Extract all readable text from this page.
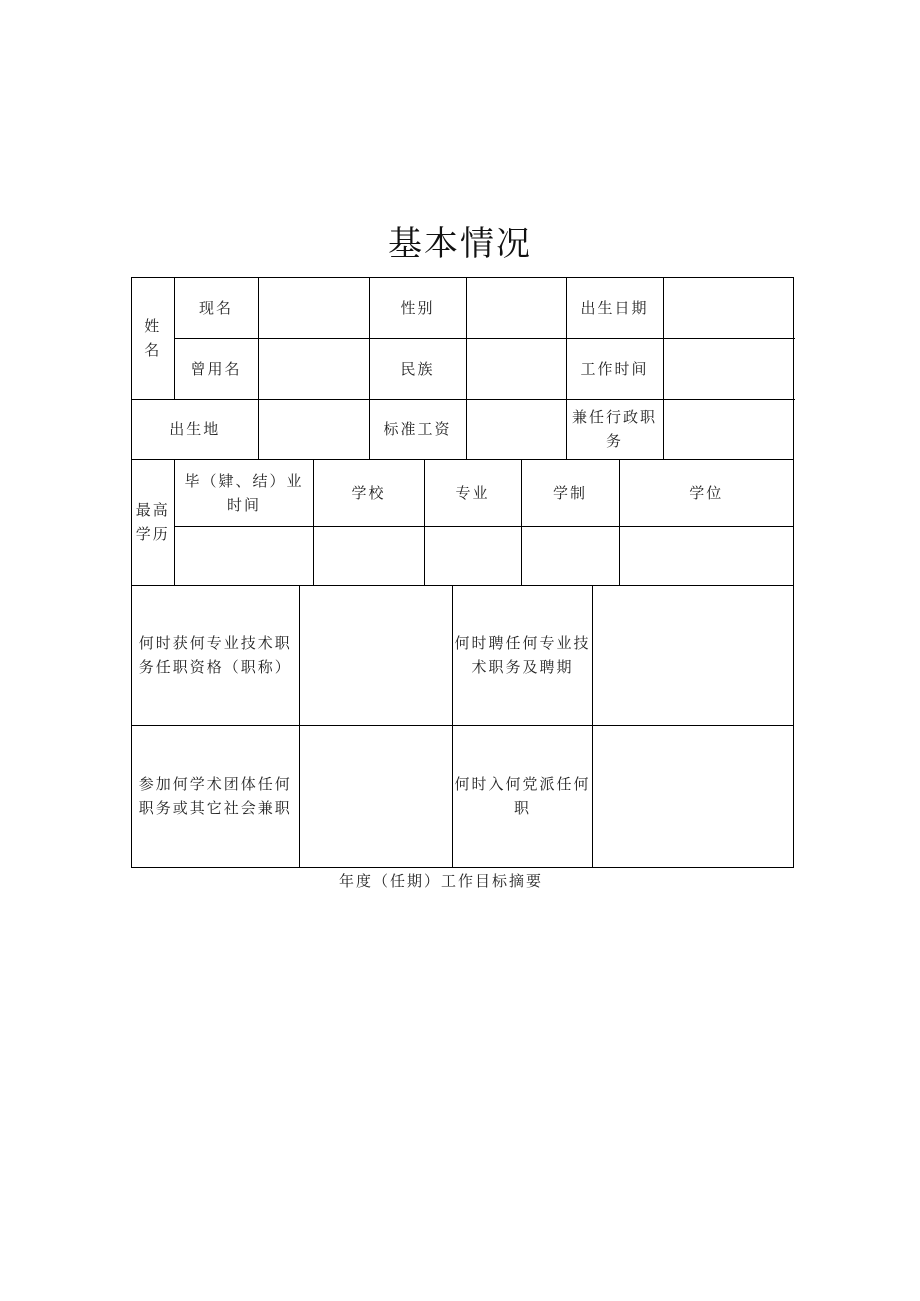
基本情况
姓名	现名		性别		出生日期	
	曾用名		民族		工作时间	
出生地			标准工资		兼任行政职务	

最高学历	毕（肄、结）业时间	学校	专业	学制	学位

何时获何专业技术职务任职资格（职称）		何时聘任何专业技术职务及聘期	

参加何学术团体任何职务或其它社会兼职		何时入何党派任何职	

年度（任期）工作目标摘要
